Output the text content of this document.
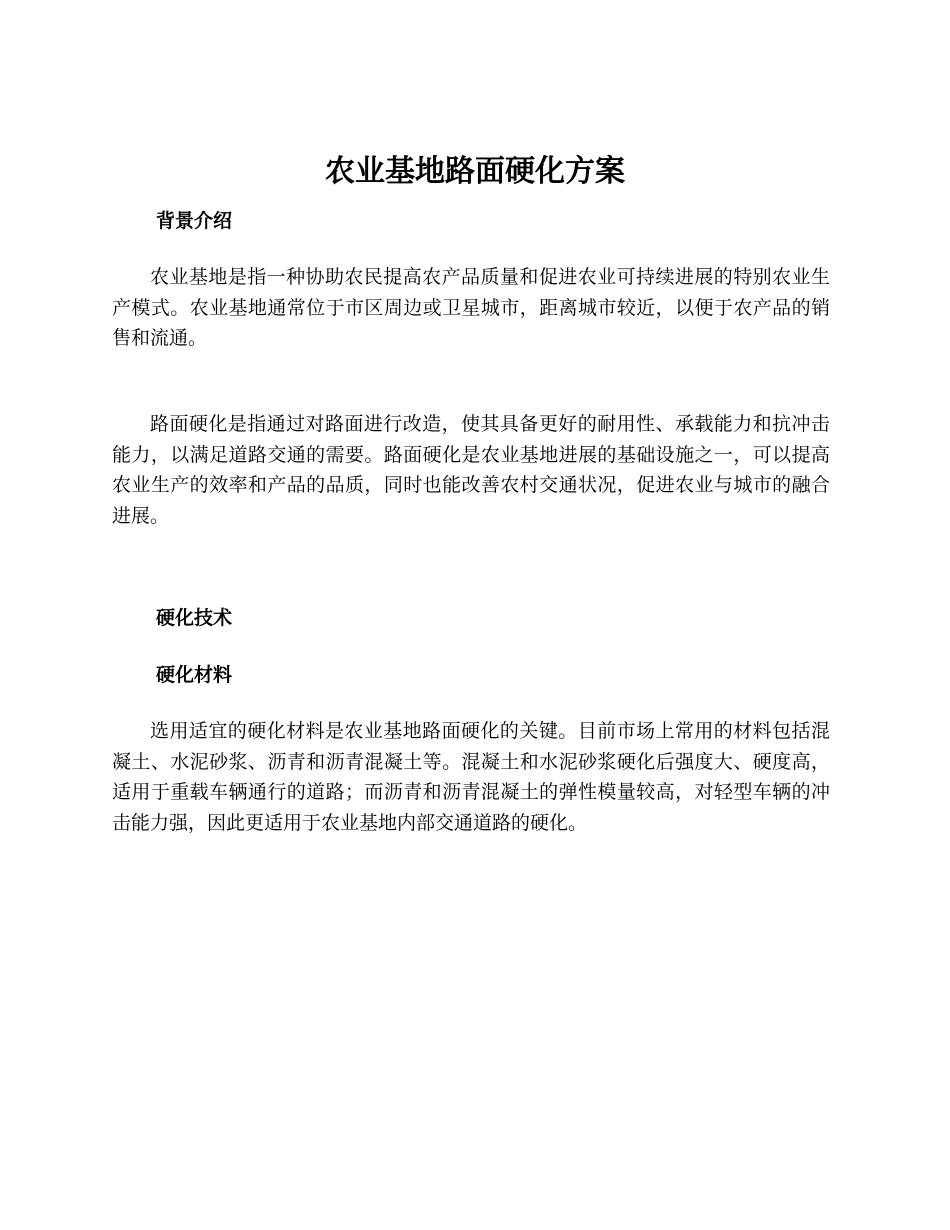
农业基地路面硬化方案
背景介绍

农业基地是指一种协助农民提高农产品质量和促进农业可持续进展的特别农业生产模式。农业基地通常位于市区周边或卫星城市，距离城市较近，以便于农产品的销售和流通。

路面硬化是指通过对路面进行改造，使其具备更好的耐用性、承载能力和抗冲击能力，以满足道路交通的需要。路面硬化是农业基地进展的基础设施之一，可以提高农业生产的效率和产品的品质，同时也能改善农村交通状况，促进农业与城市的融合进展。

硬化技术
硬化材料

选用适宜的硬化材料是农业基地路面硬化的关键。目前市场上常用的材料包括混凝土、水泥砂浆、沥青和沥青混凝土等。混凝土和水泥砂浆硬化后强度大、硬度高，适用于重载车辆通行的道路；而沥青和沥青混凝土的弹性模量较高，对轻型车辆的冲击能力强，因此更适用于农业基地内部交通道路的硬化。
